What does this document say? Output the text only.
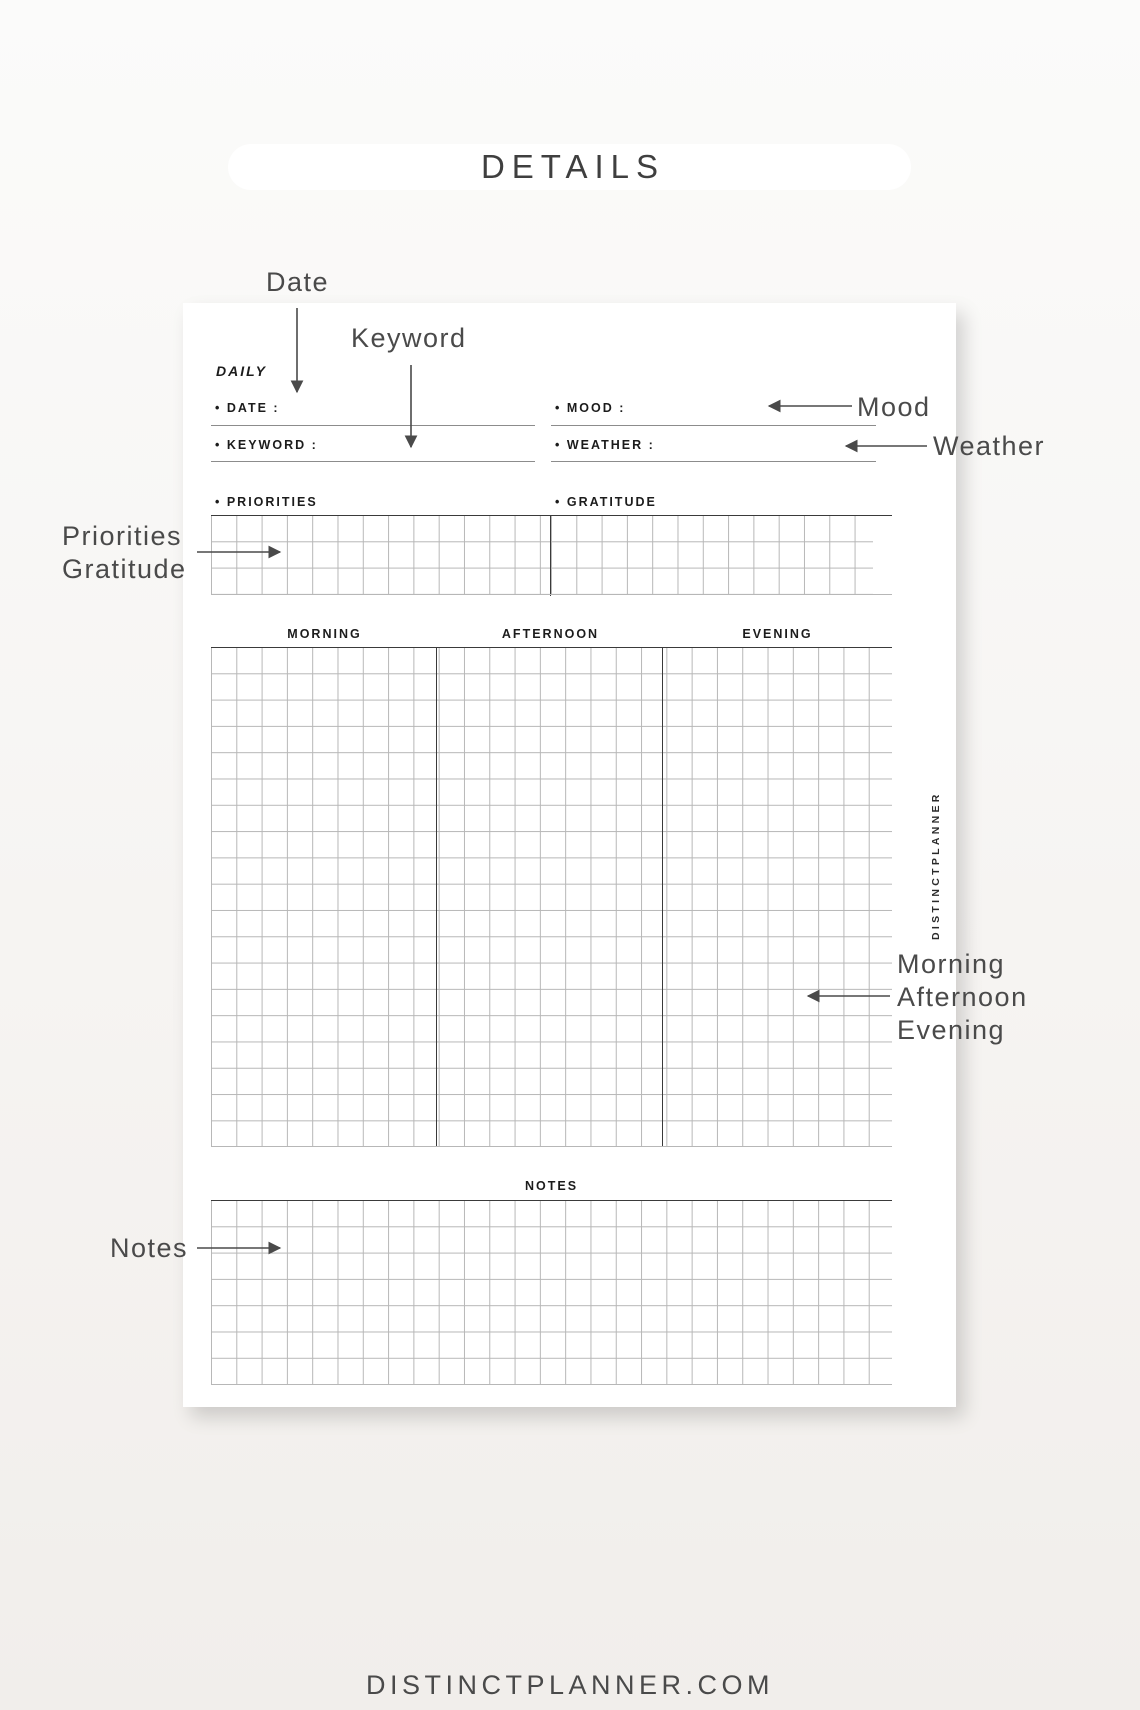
DETAILS
DAILY
• DATE :
• KEYWORD :
• MOOD :
• WEATHER :
• PRIORITIES	• GRATITUDE
MORNING	AFTERNOON	EVENING
NOTES
DISTINCTPLANNER
Date
Keyword
Mood
Weather
Priorities
Gratitude
Morning
Afternoon
Evening
Notes
DISTINCTPLANNER.COM
